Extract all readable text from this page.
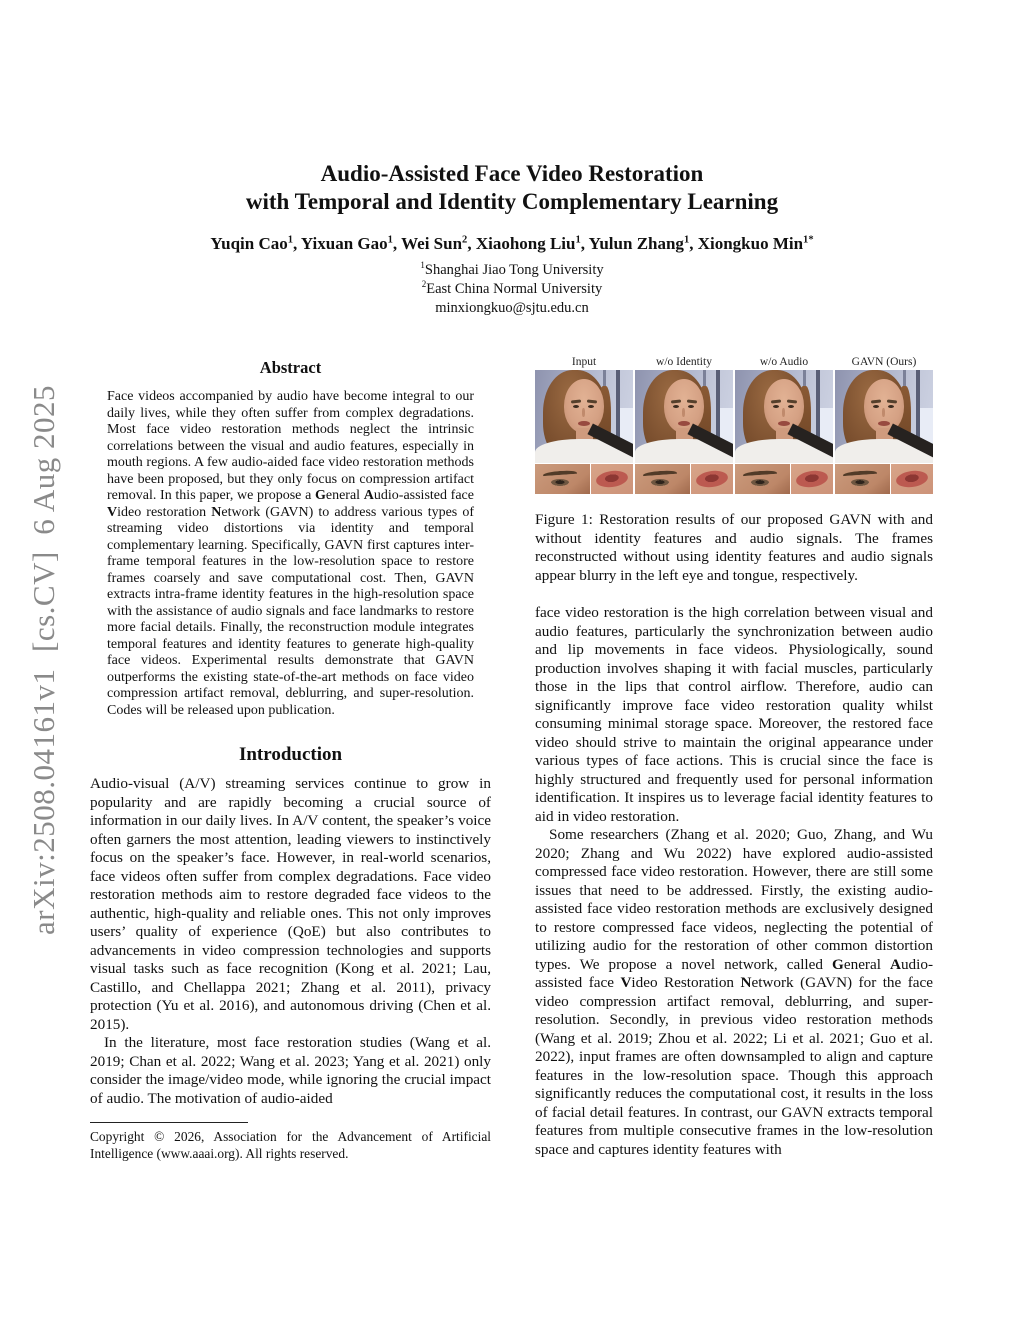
arXiv:2508.04161v1  [cs.CV]  6 Aug 2025
Audio-Assisted Face Video Restoration
with Temporal and Identity Complementary Learning
Yuqin Cao$^1$, Yixuan Gao$^1$, Wei Sun$^2$, Xiaohong Liu$^1$, Yulun Zhang$^1$, Xiongkuo Min$^{1*}$
$^1$Shanghai Jiao Tong University
$^2$East China Normal University
minxiongkuo@sjtu.edu.cn
Abstract
Face videos accompanied by audio have become integral to our daily lives, while they often suffer from complex degradations. Most face video restoration methods neglect the intrinsic correlations between the visual and audio features, especially in mouth regions. A few audio-aided face video restoration methods have been proposed, but they only focus on compression artifact removal. In this paper, we propose a General Audio-assisted face Video restoration Network (GAVN) to address various types of streaming video distortions via identity and temporal complementary learning. Specifically, GAVN first captures inter-frame temporal features in the low-resolution space to restore frames coarsely and save computational cost. Then, GAVN extracts intra-frame identity features in the high-resolution space with the assistance of audio signals and face landmarks to restore more facial details. Finally, the reconstruction module integrates temporal features and identity features to generate high-quality face videos. Experimental results demonstrate that GAVN outperforms the existing state-of-the-art methods on face video compression artifact removal, deblurring, and super-resolution. Codes will be released upon publication.
Introduction
Audio-visual (A/V) streaming services continue to grow in popularity and are rapidly becoming a crucial source of information in our daily lives. In A/V content, the speaker’s voice often garners the most attention, leading viewers to instinctively focus on the speaker’s face. However, in real-world scenarios, face videos often suffer from complex degradations. Face video restoration methods aim to restore degraded face videos to the authentic, high-quality and reliable ones. This not only improves users’ quality of experience (QoE) but also contributes to advancements in video compression technologies and supports visual tasks such as face recognition (Kong et al. 2021; Lau, Castillo, and Chellappa 2021; Zhang et al. 2011), privacy protection (Yu et al. 2016), and autonomous driving (Chen et al. 2015).
In the literature, most face restoration studies (Wang et al. 2019; Chan et al. 2022; Wang et al. 2023; Yang et al. 2021) only consider the image/video mode, while ignoring the crucial impact of audio. The motivation of audio-aided
Copyright © 2026, Association for the Advancement of Artificial Intelligence (www.aaai.org). All rights reserved.
Input	w/o Identity	w/o Audio	GAVN (Ours)
Figure 1: Restoration results of our proposed GAVN with and without identity features and audio signals. The frames reconstructed without using identity features and audio signals appear blurry in the left eye and tongue, respectively.
face video restoration is the high correlation between visual and audio features, particularly the synchronization between audio and lip movements in face videos. Physiologically, sound production involves shaping it with facial muscles, particularly those in the lips that control airflow. Therefore, audio can significantly improve face video restoration quality whilst consuming minimal storage space. Moreover, the restored face video should strive to maintain the original appearance under various types of face actions. This is crucial since the face is highly structured and frequently used for personal information identification. It inspires us to leverage facial identity features to aid in video restoration.
Some researchers (Zhang et al. 2020; Guo, Zhang, and Wu 2020; Zhang and Wu 2022) have explored audio-assisted compressed face video restoration. However, there are still some issues that need to be addressed. Firstly, the existing audio-assisted face video restoration methods are exclusively designed to restore compressed face videos, neglecting the potential of utilizing audio for the restoration of other common distortion types. We propose a novel network, called General Audio-assisted face Video Restoration Network (GAVN) for the face video compression artifact removal, deblurring, and super-resolution. Secondly, in previous video restoration methods (Wang et al. 2019; Zhou et al. 2022; Li et al. 2021; Guo et al. 2022), input frames are often downsampled to align and capture features in the low-resolution space. Though this approach significantly reduces the computational cost, it results in the loss of facial detail features. In contrast, our GAVN extracts temporal features from multiple consecutive frames in the low-resolution space and captures identity features with
